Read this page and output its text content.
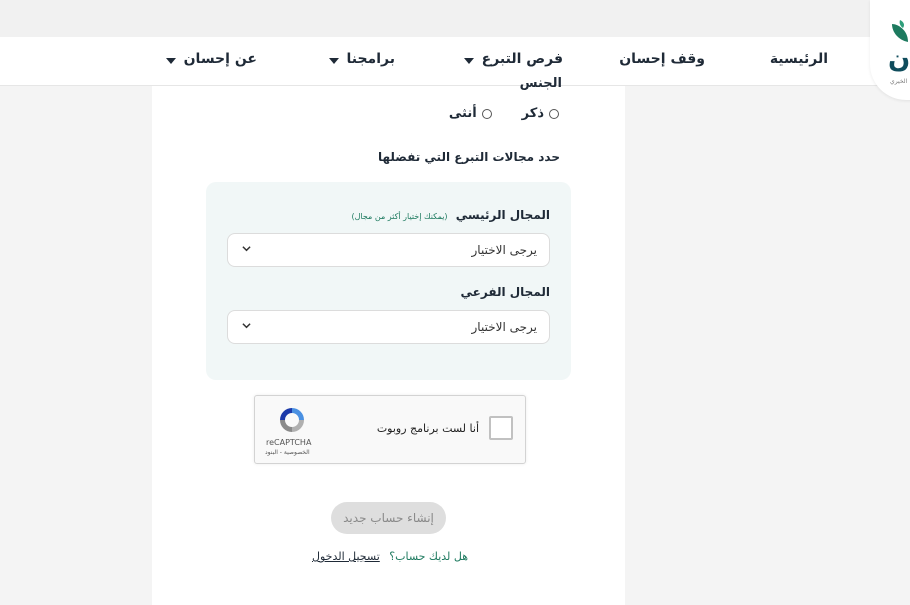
الرئيسية
وقف إحسان
فرص التبرع
برامجنا
عن إحسان	ن
الخيري
الجنس
ذكر
أنثى
حدد مجالات التبرع التي تفضلها
المجال الرئيسي (يمكنك إختيار أكثر من مجال)
يرجى الاختيار
المجال الفرعي
يرجى الاختيار
أنا لست برنامج روبوت
reCAPTCHA
الخصوصية - البنود
إنشاء حساب جديد
هل لديك حساب؟ تسجيل الدخول
